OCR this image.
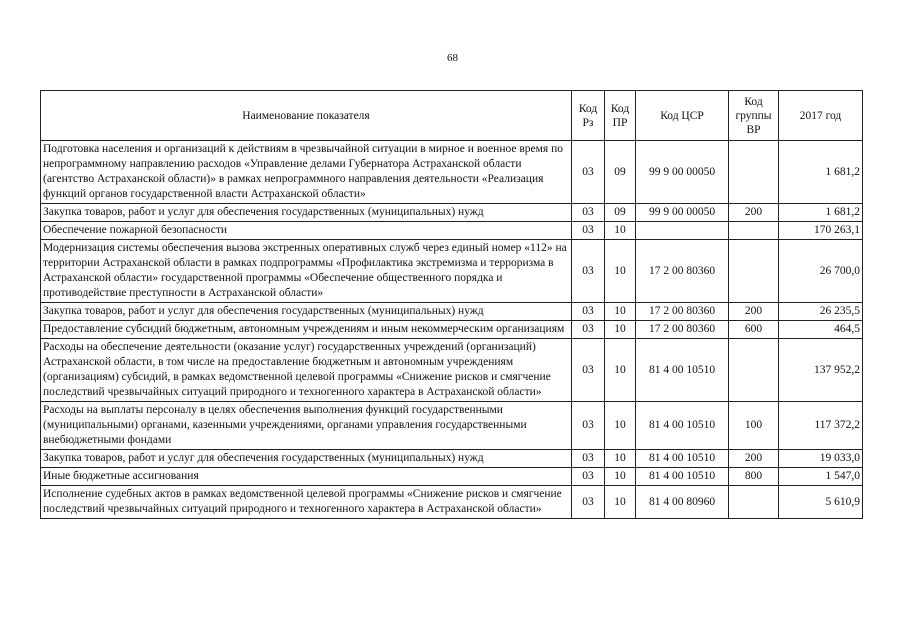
68
Наименование показателя	Код Рз	Код ПР	Код ЦСР	Код группы ВР	2017 год
Подготовка населения и организаций к действиям в чрезвычайной ситуации в мирное и военное время по непрограммному направлению расходов «Управление делами Губернатора Астраханской области (агентство Астраханской области)» в рамках непрограммного направления деятельности «Реализация функций органов государственной власти Астраханской области»	03	09	99 9 00 00050		1 681,2
Закупка товаров, работ и услуг для обеспечения государственных (муниципальных) нужд	03	09	99 9 00 00050	200	1 681,2
Обеспечение пожарной безопасности	03	10			170 263,1
Модернизация системы обеспечения вызова экстренных оперативных служб через единый номер «112» на территории Астраханской области в рамках подпрограммы «Профилактика экстремизма и терроризма в Астраханской области» государственной программы «Обеспечение общественного порядка и противодействие преступности в Астраханской области»	03	10	17 2 00 80360		26 700,0
Закупка товаров, работ и услуг для обеспечения государственных (муниципальных) нужд	03	10	17 2 00 80360	200	26 235,5
Предоставление субсидий бюджетным, автономным учреждениям и иным некоммерческим организациям	03	10	17 2 00 80360	600	464,5
Расходы на обеспечение деятельности (оказание услуг) государственных учреждений (организаций) Астраханской области, в том числе на предоставление бюджетным и автономным учреждениям (организациям) субсидий, в рамках ведомственной целевой программы «Снижение рисков и смягчение последствий чрезвычайных ситуаций природного и техногенного характера в Астраханской области»	03	10	81 4 00 10510		137 952,2
Расходы на выплаты персоналу в целях обеспечения выполнения функций государственными (муниципальными) органами, казенными учреждениями, органами управления государственными внебюджетными фондами	03	10	81 4 00 10510	100	117 372,2
Закупка товаров, работ и услуг для обеспечения государственных (муниципальных) нужд	03	10	81 4 00 10510	200	19 033,0
Иные бюджетные ассигнования	03	10	81 4 00 10510	800	1 547,0
Исполнение судебных актов в рамках ведомственной целевой программы «Снижение рисков и смягчение последствий чрезвычайных ситуаций природного и техногенного характера в Астраханской области»	03	10	81 4 00 80960		5 610,9
